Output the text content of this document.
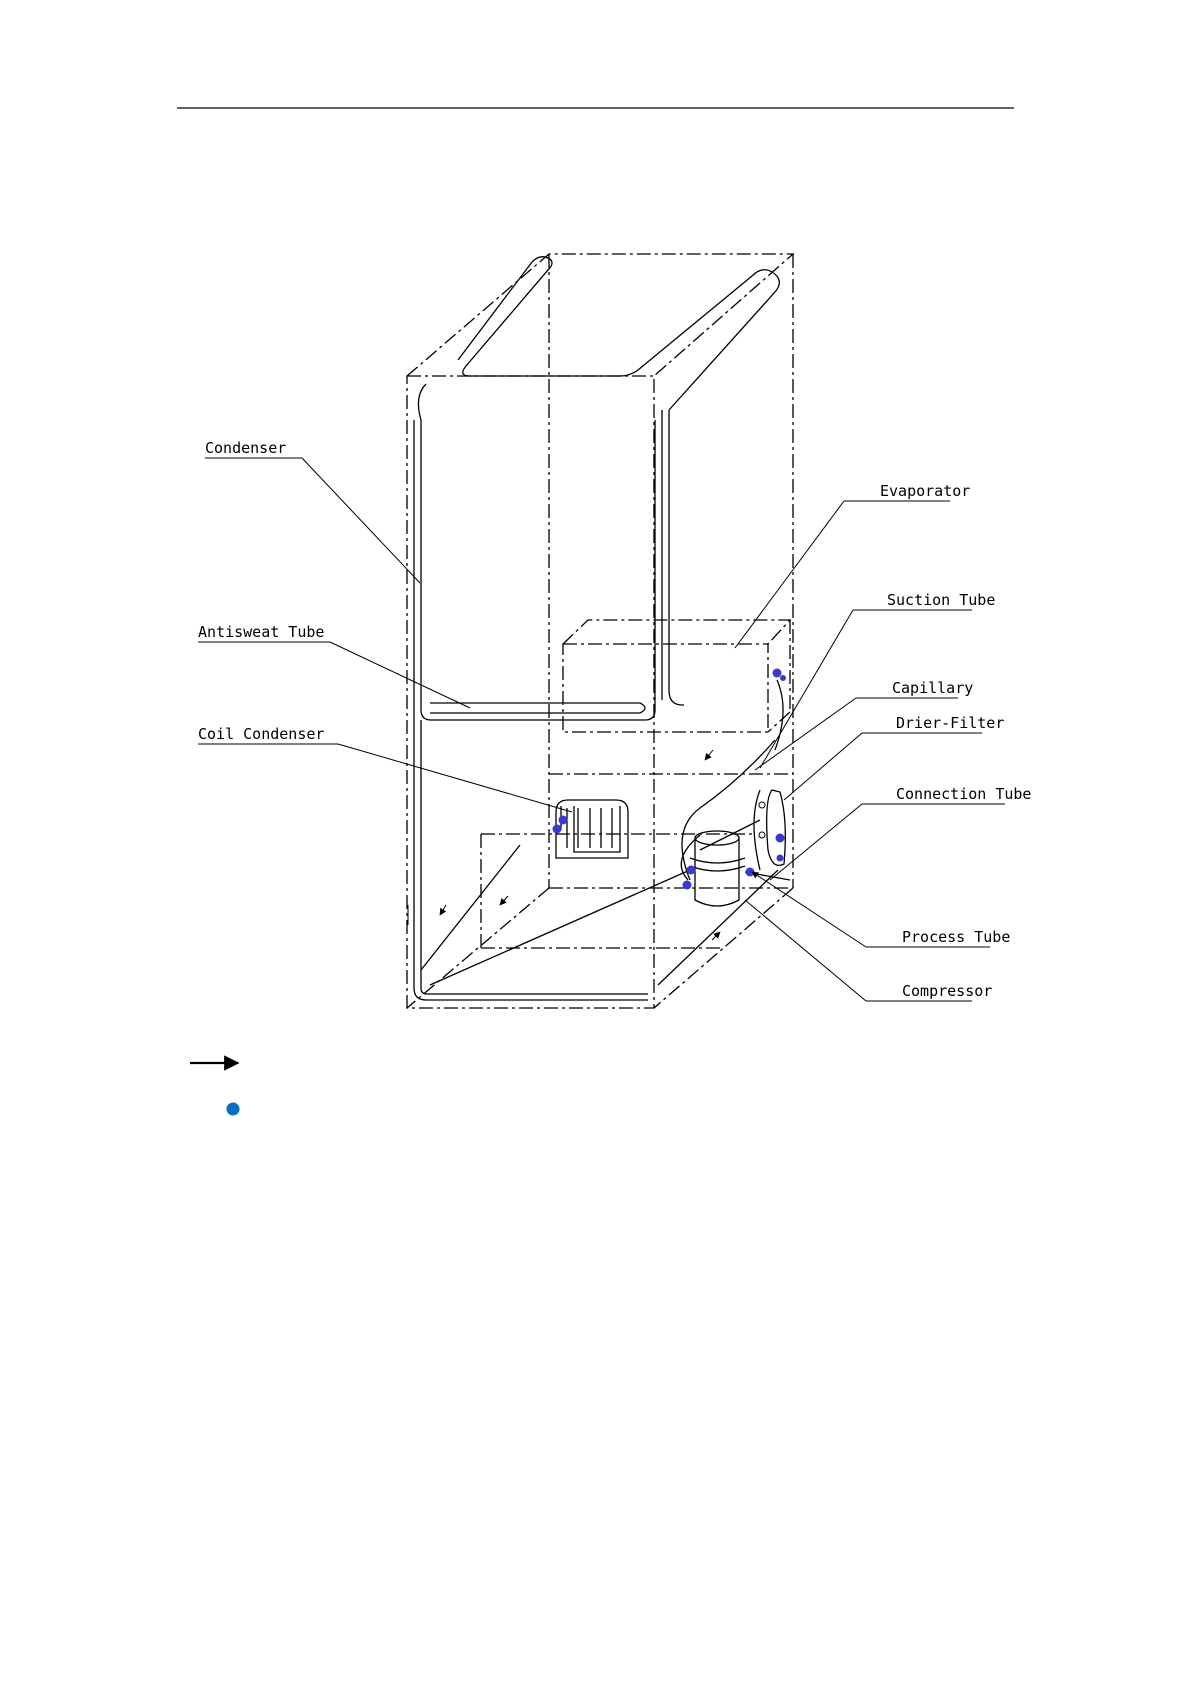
Condenser
Antisweat Tube
Coil Condenser
Evaporator
Suction Tube
Capillary
Drier-Filter
Connection Tube
Process Tube
Compressor
